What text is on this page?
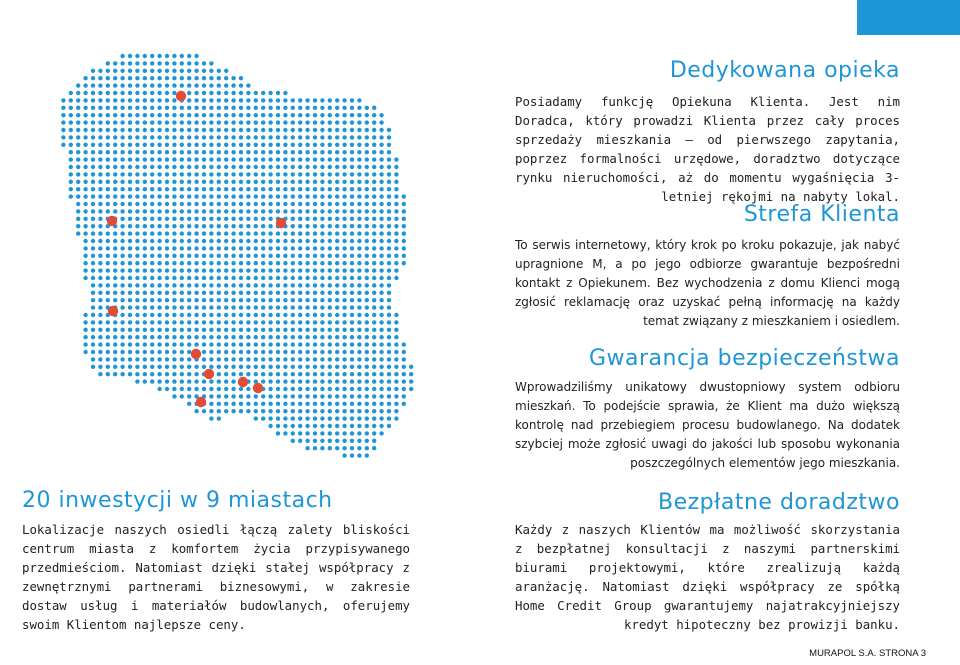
Dedykowana opieka

Posiadamy funkcję Opiekuna Klienta. Jest nim Doradca, który prowadzi Klienta przez cały proces sprzedaży mieszkania – od pierwszego zapytania, poprzez formalności urzędowe, doradztwo dotyczące rynku nieruchomości, aż do momentu wygaśnięcia 3-letniej rękojmi na nabyty lokal.

Strefa Klienta

To serwis internetowy, który krok po kroku pokazuje, jak nabyć upragnione M, a po jego odbiorze gwarantuje bezpośredni kontakt z Opiekunem. Bez wychodzenia z domu Klienci mogą zgłosić reklamację oraz uzyskać pełną informację na każdy temat związany z mieszkaniem i osiedlem.

Gwarancja bezpieczeństwa

Wprowadziliśmy unikatowy dwustopniowy system odbioru mieszkań. To podejście sprawia, że Klient ma dużo większą kontrolę nad przebiegiem procesu budowlanego. Na dodatek szybciej może zgłosić uwagi do jakości lub sposobu wykonania poszczególnych elementów jego mieszkania.

20 inwestycji w 9 miastach

Lokalizacje naszych osiedli łączą zalety bliskości centrum miasta z komfortem życia przypisywanego przedmieściom. Natomiast dzięki stałej współpracy z zewnętrznymi partnerami biznesowymi, w zakresie dostaw usług i materiałów budowlanych, oferujemy swoim Klientom najlepsze ceny.

Bezpłatne doradztwo

Każdy z naszych Klientów ma możliwość skorzystania z bezpłatnej konsultacji z naszymi partnerskimi biurami projektowymi, które zrealizują każdą aranżację. Natomiast dzięki współpracy ze spółką Home Credit Group gwarantujemy najatrakcyjniejszy kredyt hipoteczny bez prowizji banku.

MURAPOL S.A. STRONA 3
